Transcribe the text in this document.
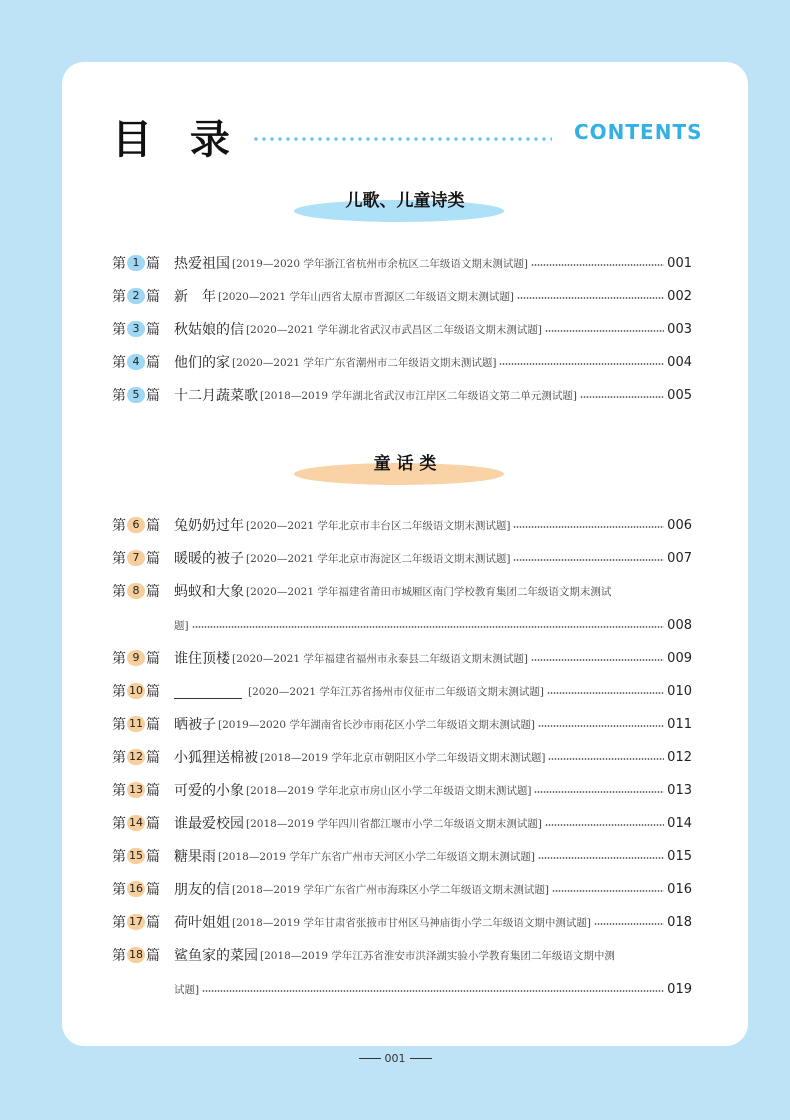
目 录	CONTENTS
儿歌、儿童诗类
童 话 类
第 1 篇 热爱祖国 [2019—2020 学年浙江省杭州市余杭区二年级语文期末测试题]	001
第 2 篇 新　年 [2020—2021 学年山西省太原市晋源区二年级语文期末测试题]	002
第 3 篇 秋姑娘的信 [2020—2021 学年湖北省武汉市武昌区二年级语文期末测试题]	003
第 4 篇 他们的家 [2020—2021 学年广东省潮州市二年级语文期末测试题]	004
第 5 篇 十二月蔬菜歌 [2018—2019 学年湖北省武汉市江岸区二年级语文第二单元测试题]	005
第 6 篇 兔奶奶过年 [2020—2021 学年北京市丰台区二年级语文期末测试题]	006
第 7 篇 暖暖的被子 [2020—2021 学年北京市海淀区二年级语文期末测试题]	007
第 8 篇 蚂蚁和大象 [2020—2021 学年福建省莆田市城厢区南门学校教育集团二年级语文期末测试
题]	008
第 9 篇 谁住顶楼 [2020—2021 学年福建省福州市永泰县二年级语文期末测试题]	009
第 10 篇	[2020—2021 学年江苏省扬州市仪征市二年级语文期末测试题]	010
第 11 篇 晒被子 [2019—2020 学年湖南省长沙市雨花区小学二年级语文期末测试题]	011
第 12 篇 小狐狸送棉被 [2018—2019 学年北京市朝阳区小学二年级语文期末测试题]	012
第 13 篇 可爱的小象 [2018—2019 学年北京市房山区小学二年级语文期末测试题]	013
第 14 篇 谁最爱校园 [2018—2019 学年四川省都江堰市小学二年级语文期末测试题]	014
第 15 篇 糖果雨 [2018—2019 学年广东省广州市天河区小学二年级语文期末测试题]	015
第 16 篇 朋友的信 [2018—2019 学年广东省广州市海珠区小学二年级语文期末测试题]	016
第 17 篇 荷叶姐姐 [2018—2019 学年甘肃省张掖市甘州区马神庙街小学二年级语文期中测试题]	018
第 18 篇 鲨鱼家的菜园 [2018—2019 学年江苏省淮安市洪泽湖实验小学教育集团二年级语文期中测
试题]	019
001
